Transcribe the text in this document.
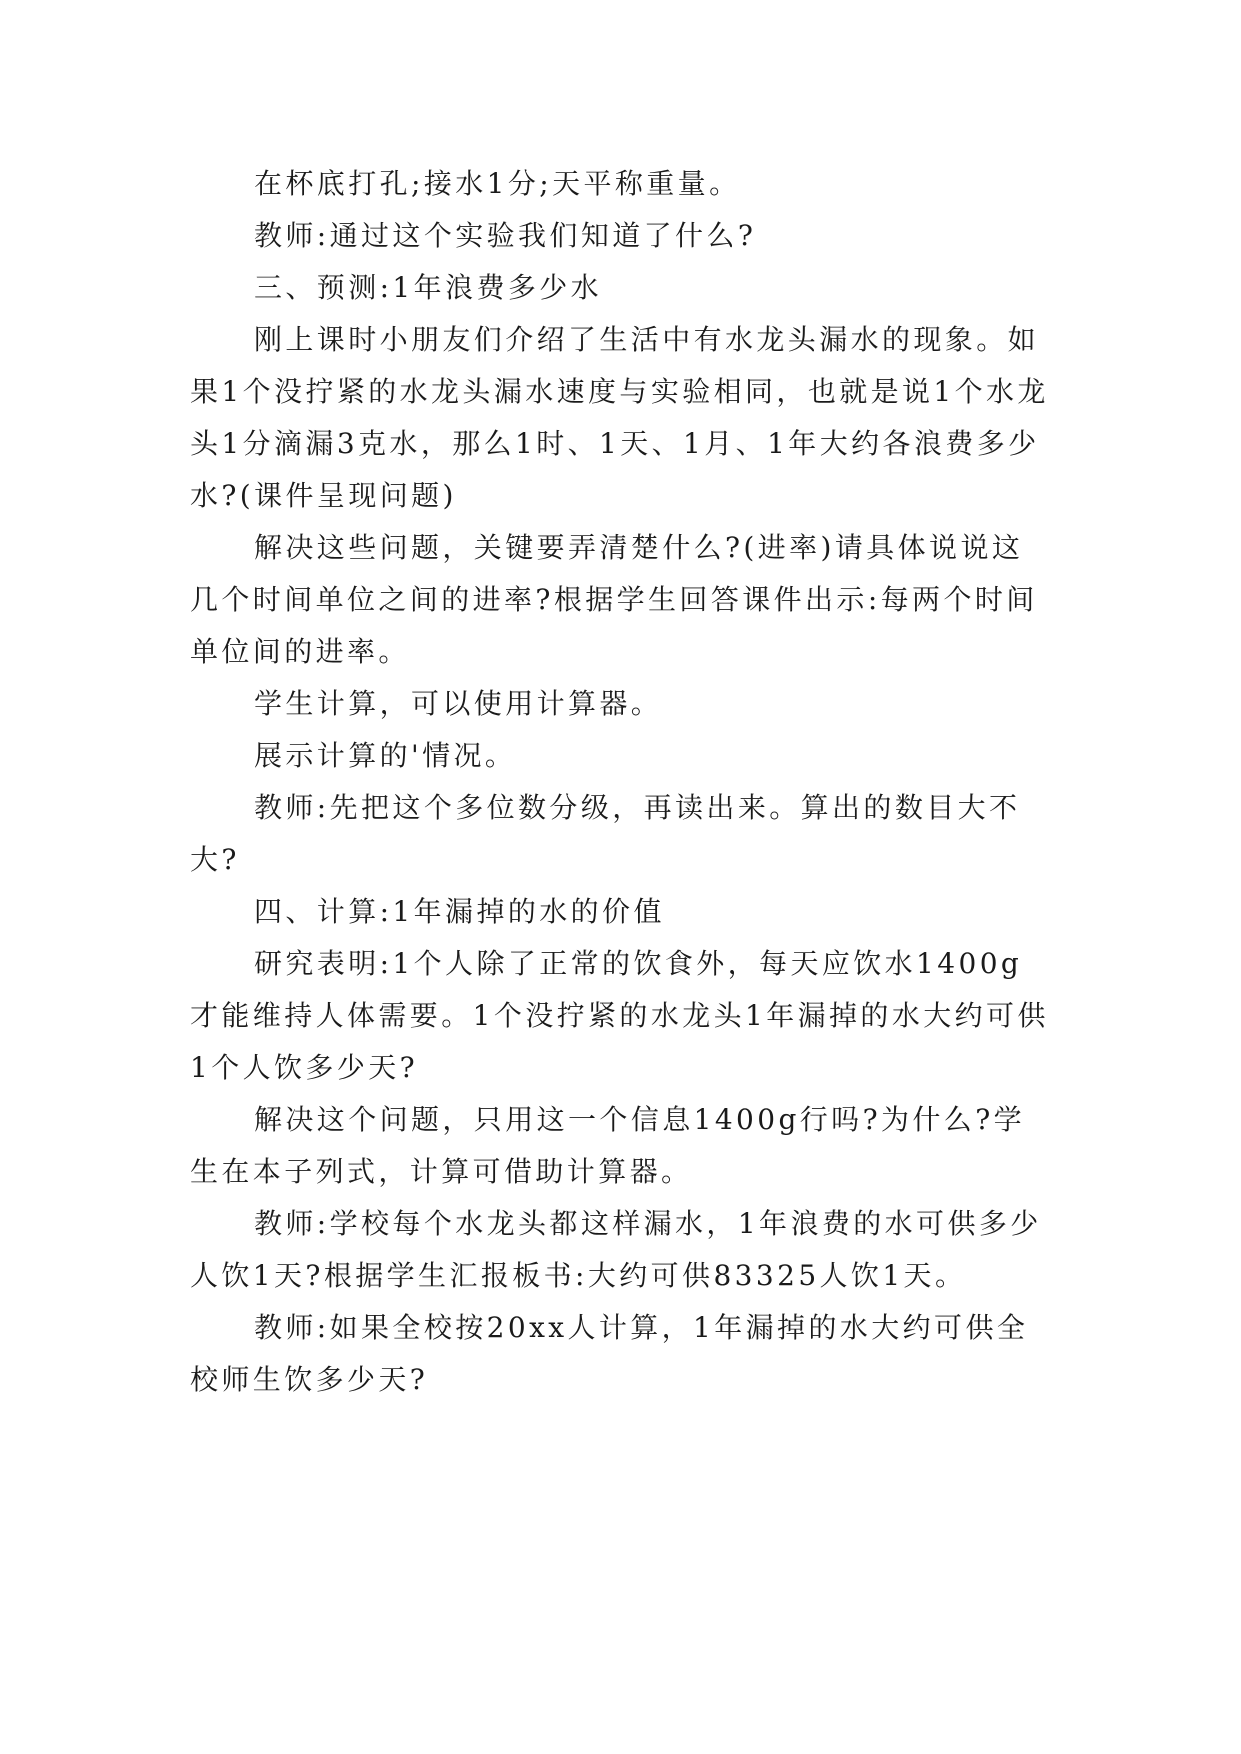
在杯底打孔;接水1分;天平称重量。

教师:通过这个实验我们知道了什么?

三、预测:1年浪费多少水

刚上课时小朋友们介绍了生活中有水龙头漏水的现象。如果1个没拧紧的水龙头漏水速度与实验相同，也就是说1个水龙头1分滴漏3克水，那么1时、1天、1月、1年大约各浪费多少水?(课件呈现问题)

解决这些问题，关键要弄清楚什么?(进率)请具体说说这几个时间单位之间的进率?根据学生回答课件出示:每两个时间单位间的进率。

学生计算，可以使用计算器。

展示计算的'情况。

教师:先把这个多位数分级，再读出来。算出的数目大不大?

四、计算:1年漏掉的水的价值

研究表明:1个人除了正常的饮食外，每天应饮水1400g才能维持人体需要。1个没拧紧的水龙头1年漏掉的水大约可供1个人饮多少天?

解决这个问题，只用这一个信息1400g行吗?为什么?学生在本子列式，计算可借助计算器。

教师:学校每个水龙头都这样漏水，1年浪费的水可供多少人饮1天?根据学生汇报板书:大约可供83325人饮1天。

教师:如果全校按20xx人计算，1年漏掉的水大约可供全校师生饮多少天?
